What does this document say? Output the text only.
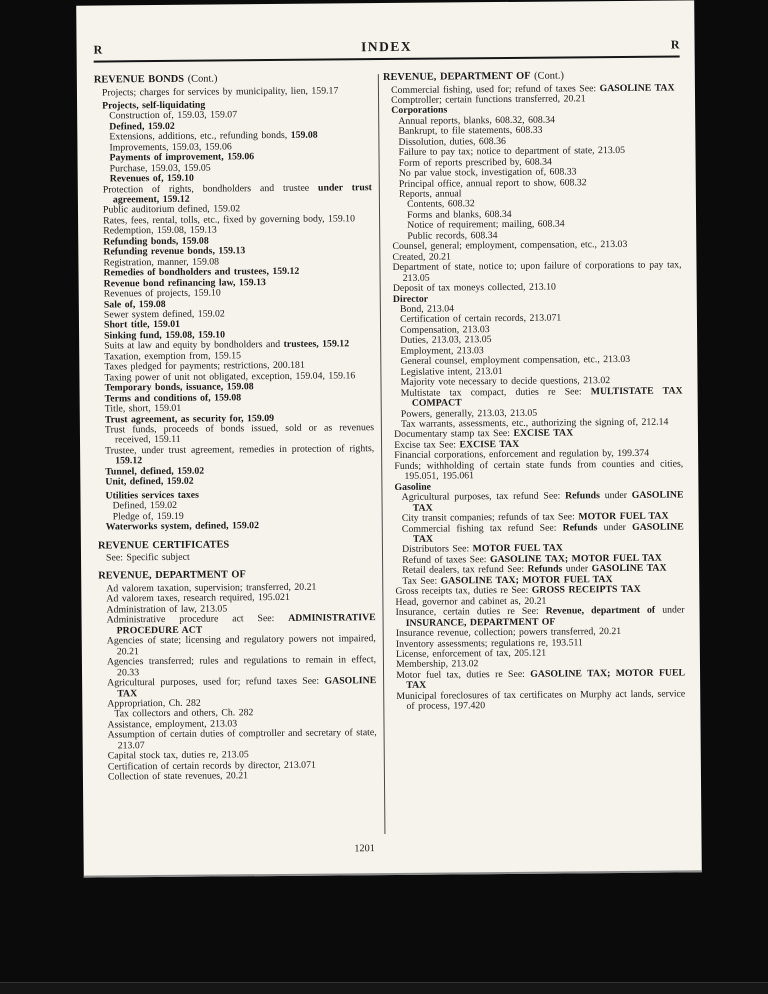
R	INDEX	R
REVENUE BONDS (Cont.)
Projects; charges for services by municipality, lien, 159.17
Projects, self-liquidating
Construction of, 159.03, 159.07
Defined, 159.02
Extensions, additions, etc., refunding bonds, 159.08
Improvements, 159.03, 159.06
Payments of improvement, 159.06
Purchase, 159.03, 159.05
Revenues of, 159.10
Protection of rights, bondholders and trustee under trust agreement, 159.12
Public auditorium defined, 159.02
Rates, fees, rental, tolls, etc., fixed by governing body, 159.10
Redemption, 159.08, 159.13
Refunding bonds, 159.08
Refunding revenue bonds, 159.13
Registration, manner, 159.08
Remedies of bondholders and trustees, 159.12
Revenue bond refinancing law, 159.13
Revenues of projects, 159.10
Sale of, 159.08
Sewer system defined, 159.02
Short title, 159.01
Sinking fund, 159.08, 159.10
Suits at law and equity by bondholders and trustees, 159.12
Taxation, exemption from, 159.15
Taxes pledged for payments; restrictions, 200.181
Taxing power of unit not obligated, exception, 159.04, 159.16
Temporary bonds, issuance, 159.08
Terms and conditions of, 159.08
Title, short, 159.01
Trust agreement, as security for, 159.09
Trust funds, proceeds of bonds issued, sold or as revenues received, 159.11
Trustee, under trust agreement, remedies in protection of rights, 159.12
Tunnel, defined, 159.02
Unit, defined, 159.02
Utilities services taxes
Defined, 159.02
Pledge of, 159.19
Waterworks system, defined, 159.02
REVENUE CERTIFICATES
See: Specific subject
REVENUE, DEPARTMENT OF
Ad valorem taxation, supervision; transferred, 20.21
Ad valorem taxes, research required, 195.021
Administration of law, 213.05
Administrative procedure act See: ADMINISTRATIVE PROCEDURE ACT
Agencies of state; licensing and regulatory powers not impaired, 20.21
Agencies transferred; rules and regulations to remain in effect, 20.33
Agricultural purposes, used for; refund taxes See: GASOLINE TAX
Appropriation, Ch. 282
Tax collectors and others, Ch. 282
Assistance, employment, 213.03
Assumption of certain duties of comptroller and secretary of state, 213.07
Capital stock tax, duties re, 213.05
Certification of certain records by director, 213.071
Collection of state revenues, 20.21
REVENUE, DEPARTMENT OF (Cont.)
Commercial fishing, used for; refund of taxes See: GASOLINE TAX
Comptroller; certain functions transferred, 20.21
Corporations
Annual reports, blanks, 608.32, 608.34
Bankrupt, to file statements, 608.33
Dissolution, duties, 608.36
Failure to pay tax; notice to department of state, 213.05
Form of reports prescribed by, 608.34
No par value stock, investigation of, 608.33
Principal office, annual report to show, 608.32
Reports, annual
Contents, 608.32
Forms and blanks, 608.34
Notice of requirement; mailing, 608.34
Public records, 608.34
Counsel, general; employment, compensation, etc., 213.03
Created, 20.21
Department of state, notice to; upon failure of corporations to pay tax, 213.05
Deposit of tax moneys collected, 213.10
Director
Bond, 213.04
Certification of certain records, 213.071
Compensation, 213.03
Duties, 213.03, 213.05
Employment, 213.03
General counsel, employment compensation, etc., 213.03
Legislative intent, 213.01
Majority vote necessary to decide questions, 213.02
Multistate tax compact, duties re See: MULTISTATE TAX COMPACT
Powers, generally, 213.03, 213.05
Tax warrants, assessments, etc., authorizing the signing of, 212.14
Documentary stamp tax See: EXCISE TAX
Excise tax See: EXCISE TAX
Financial corporations, enforcement and regulation by, 199.374
Funds; withholding of certain state funds from counties and cities, 195.051, 195.061
Gasoline
Agricultural purposes, tax refund See: Refunds under GASOLINE TAX
City transit companies; refunds of tax See: MOTOR FUEL TAX
Commercial fishing tax refund See: Refunds under GASOLINE TAX
Distributors See: MOTOR FUEL TAX
Refund of taxes See: GASOLINE TAX; MOTOR FUEL TAX
Retail dealers, tax refund See: Refunds under GASOLINE TAX
Tax See: GASOLINE TAX; MOTOR FUEL TAX
Gross receipts tax, duties re See: GROSS RECEIPTS TAX
Head, governor and cabinet as, 20.21
Insurance, certain duties re See: Revenue, department of under INSURANCE, DEPARTMENT OF
Insurance revenue, collection; powers transferred, 20.21
Inventory assessments; regulations re, 193.511
License, enforcement of tax, 205.121
Membership, 213.02
Motor fuel tax, duties re See: GASOLINE TAX; MOTOR FUEL TAX
Municipal foreclosures of tax certificates on Murphy act lands, service of process, 197.420
1201
